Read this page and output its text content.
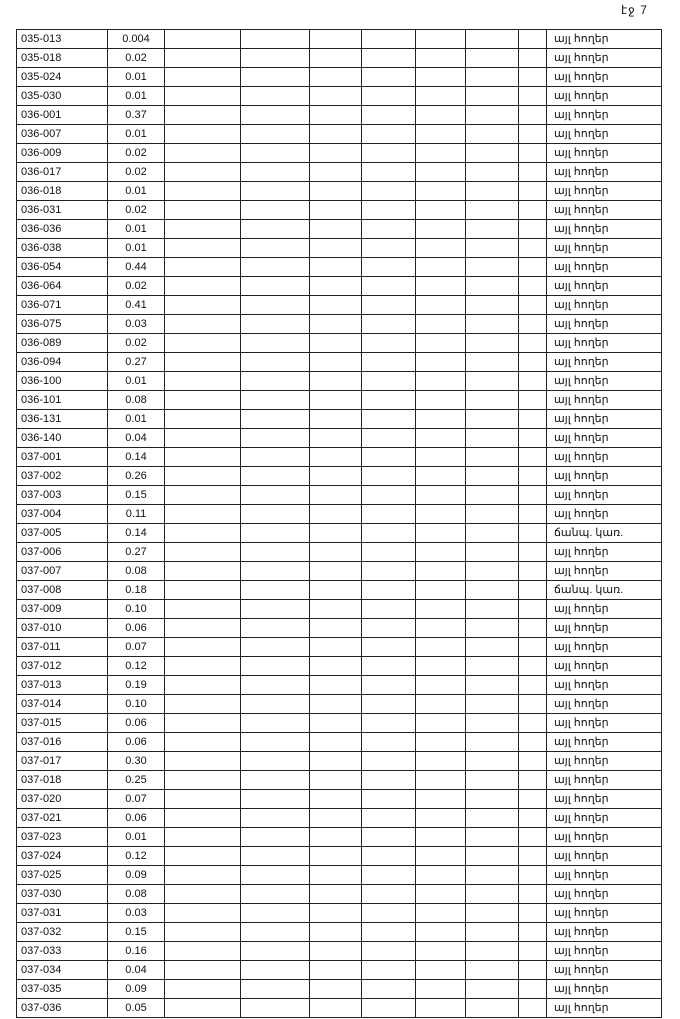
էջ 7
035-013	0.004								այլ հողեր
035-018	0.02								այլ հողեր
035-024	0.01								այլ հողեր
035-030	0.01								այլ հողեր
036-001	0.37								այլ հողեր
036-007	0.01								այլ հողեր
036-009	0.02								այլ հողեր
036-017	0.02								այլ հողեր
036-018	0.01								այլ հողեր
036-031	0.02								այլ հողեր
036-036	0.01								այլ հողեր
036-038	0.01								այլ հողեր
036-054	0.44								այլ հողեր
036-064	0.02								այլ հողեր
036-071	0.41								այլ հողեր
036-075	0.03								այլ հողեր
036-089	0.02								այլ հողեր
036-094	0.27								այլ հողեր
036-100	0.01								այլ հողեր
036-101	0.08								այլ հողեր
036-131	0.01								այլ հողեր
036-140	0.04								այլ հողեր
037-001	0.14								այլ հողեր
037-002	0.26								այլ հողեր
037-003	0.15								այլ հողեր
037-004	0.11								այլ հողեր
037-005	0.14								ճանպ. կառ.
037-006	0.27								այլ հողեր
037-007	0.08								այլ հողեր
037-008	0.18								ճանպ. կառ.
037-009	0.10								այլ հողեր
037-010	0.06								այլ հողեր
037-011	0.07								այլ հողեր
037-012	0.12								այլ հողեր
037-013	0.19								այլ հողեր
037-014	0.10								այլ հողեր
037-015	0.06								այլ հողեր
037-016	0.06								այլ հողեր
037-017	0.30								այլ հողեր
037-018	0.25								այլ հողեր
037-020	0.07								այլ հողեր
037-021	0.06								այլ հողեր
037-023	0.01								այլ հողեր
037-024	0.12								այլ հողեր
037-025	0.09								այլ հողեր
037-030	0.08								այլ հողեր
037-031	0.03								այլ հողեր
037-032	0.15								այլ հողեր
037-033	0.16								այլ հողեր
037-034	0.04								այլ հողեր
037-035	0.09								այլ հողեր
037-036	0.05								այլ հողեր
